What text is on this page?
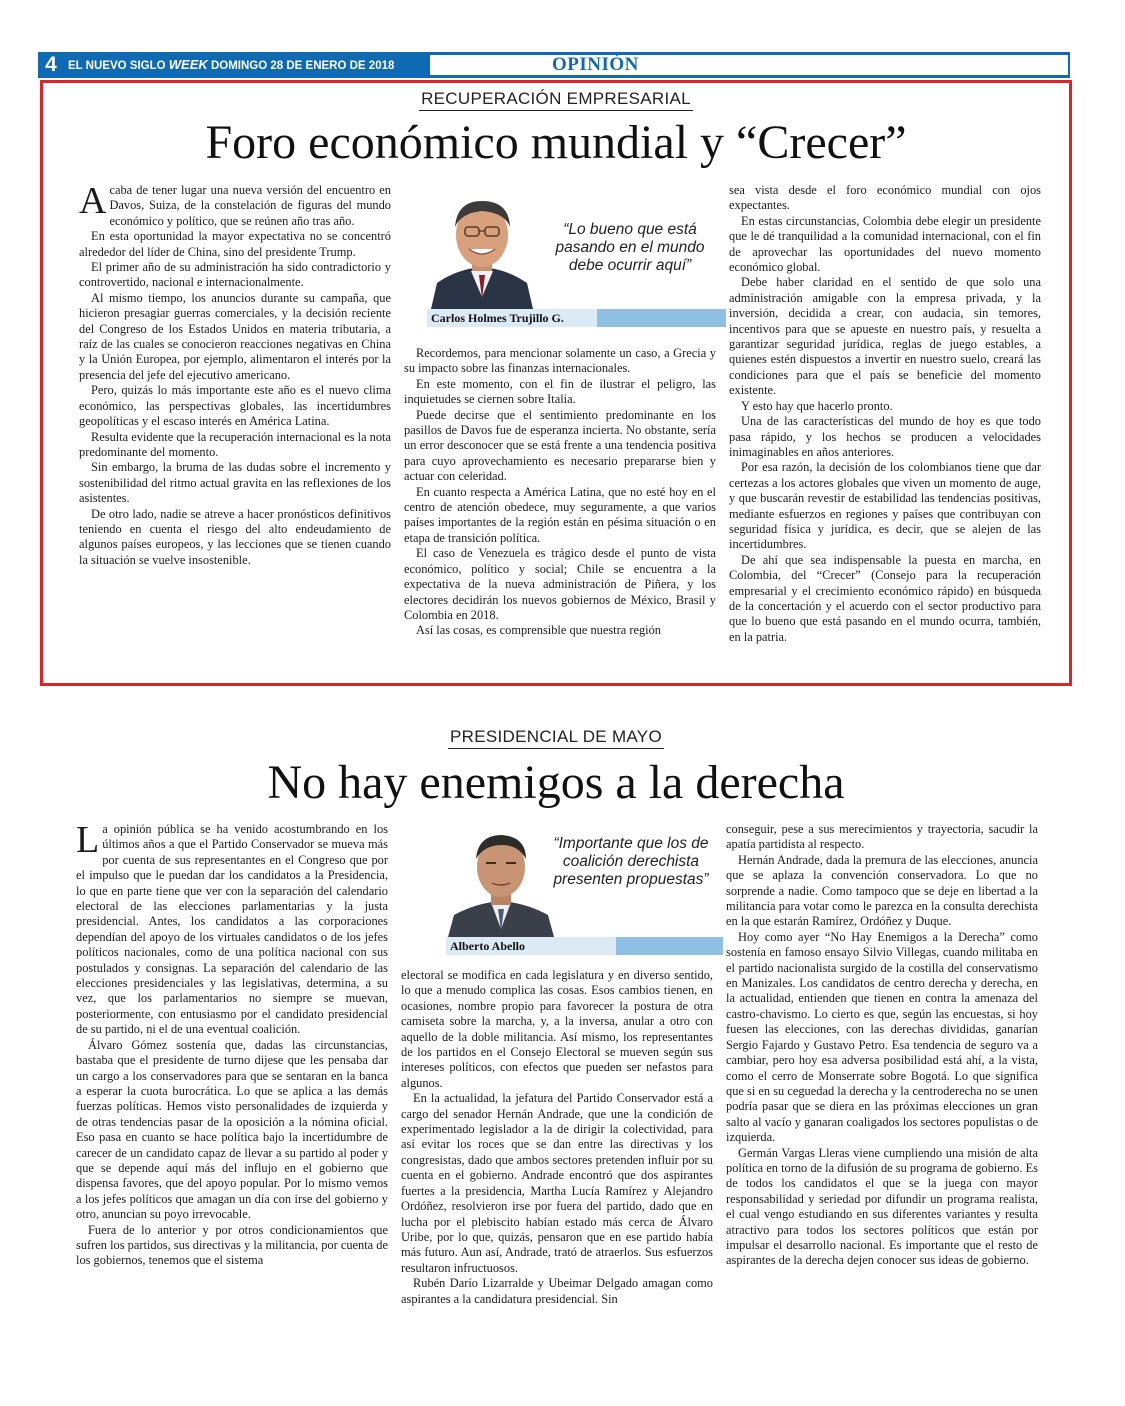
4 EL NUEVO SIGLO WEEK DOMINGO 28 DE ENERO DE 2018	OPINIÓN
RECUPERACIÓN EMPRESARIAL
Foro económico mundial y “Crecer”

Acaba de tener lugar una nueva versión del encuentro en Davos, Suiza, de la constelación de figuras del mundo económico y político, que se reúnen año tras año.

En esta oportunidad la mayor expectativa no se concentró alrededor del líder de China, sino del presidente Trump.

El primer año de su administración ha sido contradictorio y controvertido, nacional e internacionalmente.

Al mismo tiempo, los anuncios durante su campaña, que hicieron presagiar guerras comerciales, y la decisión reciente del Congreso de los Estados Unidos en materia tributaria, a raíz de las cuales se conocieron reacciones negativas en China y la Unión Europea, por ejemplo, alimentaron el interés por la presencia del jefe del ejecutivo americano.

Pero, quizás lo más importante este año es el nuevo clima económico, las perspectivas globales, las incertidumbres geopolíticas y el escaso interés en América Latina.

Resulta evidente que la recuperación internacional es la nota predominante del momento.

Sin embargo, la bruma de las dudas sobre el incremento y sostenibilidad del ritmo actual gravita en las reflexiones de los asistentes.

De otro lado, nadie se atreve a hacer pronósticos definitivos teniendo en cuenta el riesgo del alto endeudamiento de algunos países europeos, y las lecciones que se tienen cuando la situación se vuelve insostenible.

“Lo bueno que está pasando en el mundo debe ocurrir aquí”
Carlos Holmes Trujillo G.

Recordemos, para mencionar solamente un caso, a Grecia y su impacto sobre las finanzas internacionales.

En este momento, con el fin de ilustrar el peligro, las inquietudes se ciernen sobre Italia.

Puede decirse que el sentimiento predominante en los pasillos de Davos fue de esperanza incierta. No obstante, sería un error desconocer que se está frente a una tendencia positiva para cuyo aprovechamiento es necesario prepararse bien y actuar con celeridad.

En cuanto respecta a América Latina, que no esté hoy en el centro de atención obedece, muy seguramente, a que varios países importantes de la región están en pésima situación o en etapa de transición política.

El caso de Venezuela es trágico desde el punto de vista económico, político y social; Chile se encuentra a la expectativa de la nueva administración de Piñera, y los electores decidirán los nuevos gobiernos de México, Brasil y Colombia en 2018.

Así las cosas, es comprensible que nuestra región

sea vista desde el foro económico mundial con ojos expectantes.

En estas circunstancias, Colombia debe elegir un presidente que le dé tranquilidad a la comunidad internacional, con el fin de aprovechar las oportunidades del nuevo momento económico global.

Debe haber claridad en el sentido de que solo una administración amigable con la empresa privada, y la inversión, decidida a crear, con audacia, sin temores, incentivos para que se apueste en nuestro país, y resuelta a garantizar seguridad jurídica, reglas de juego estables, a quienes estén dispuestos a invertir en nuestro suelo, creará las condiciones para que el país se beneficie del momento existente.

Y esto hay que hacerlo pronto.

Una de las características del mundo de hoy es que todo pasa rápido, y los hechos se producen a velocidades inimaginables en años anteriores.

Por esa razón, la decisión de los colombianos tiene que dar certezas a los actores globales que viven un momento de auge, y que buscarán revestir de estabilidad las tendencias positivas, mediante esfuerzos en regiones y países que contribuyan con seguridad física y jurídica, es decir, que se alejen de las incertidumbres.

De ahí que sea indispensable la puesta en marcha, en Colombia, del “Crecer” (Consejo para la recuperación empresarial y el crecimiento económico rápido) en búsqueda de la concertación y el acuerdo con el sector productivo para que lo bueno que está pasando en el mundo ocurra, también, en la patria.

PRESIDENCIAL DE MAYO
No hay enemigos a la derecha

La opinión pública se ha venido acostumbrando en los últimos años a que el Partido Conservador se mueva más por cuenta de sus representantes en el Congreso que por el impulso que le puedan dar los candidatos a la Presidencia, lo que en parte tiene que ver con la separación del calendario electoral de las elecciones parlamentarias y la justa presidencial. Antes, los candidatos a las corporaciones dependían del apoyo de los virtuales candidatos o de los jefes políticos nacionales, como de una política nacional con sus postulados y consignas. La separación del calendario de las elecciones presidenciales y las legislativas, determina, a su vez, que los parlamentarios no siempre se muevan, posteriormente, con entusiasmo por el candidato presidencial de su partido, ni el de una eventual coalición.

Álvaro Gómez sostenía que, dadas las circunstancias, bastaba que el presidente de turno dijese que les pensaba dar un cargo a los conservadores para que se sentaran en la banca a esperar la cuota burocrática. Lo que se aplica a las demás fuerzas políticas. Hemos visto personalidades de izquierda y de otras tendencias pasar de la oposición a la nómina oficial. Eso pasa en cuanto se hace política bajo la incertidumbre de carecer de un candidato capaz de llevar a su partido al poder y que se depende aquí más del influjo en el gobierno que dispensa favores, que del apoyo popular. Por lo mismo vemos a los jefes políticos que amagan un día con irse del gobierno y otro, anuncian su poyo irrevocable.

Fuera de lo anterior y por otros condicionamientos que sufren los partidos, sus directivas y la militancia, por cuenta de los gobiernos, tenemos que el sistema

“Importante que los de coalición derechista presenten propuestas”
Alberto Abello

electoral se modifica en cada legislatura y en diverso sentido, lo que a menudo complica las cosas. Esos cambios tienen, en ocasiones, nombre propio para favorecer la postura de otra camiseta sobre la marcha, y, a la inversa, anular a otro con aquello de la doble militancia. Así mismo, los representantes de los partidos en el Consejo Electoral se mueven según sus intereses políticos, con efectos que pueden ser nefastos para algunos.

En la actualidad, la jefatura del Partido Conservador está a cargo del senador Hernán Andrade, que une la condición de experimentado legislador a la de dirigir la colectividad, para así evitar los roces que se dan entre las directivas y los congresistas, dado que ambos sectores pretenden influir por su cuenta en el gobierno. Andrade encontró que dos aspirantes fuertes a la presidencia, Martha Lucía Ramírez y Alejandro Ordóñez, resolvieron irse por fuera del partido, dado que en lucha por el plebiscito habían estado más cerca de Álvaro Uribe, por lo que, quizás, pensaron que en ese partido había más futuro. Aun así, Andrade, trató de atraerlos. Sus esfuerzos resultaron infructuosos.

Rubén Darío Lizarralde y Ubeimar Delgado amagan como aspirantes a la candidatura presidencial. Sin

conseguir, pese a sus merecimientos y trayectoria, sacudir la apatía partidista al respecto.

Hernán Andrade, dada la premura de las elecciones, anuncia que se aplaza la convención conservadora. Lo que no sorprende a nadie. Como tampoco que se deje en libertad a la militancia para votar como le parezca en la consulta derechista en la que estarán Ramírez, Ordóñez y Duque.

Hoy como ayer “No Hay Enemigos a la Derecha” como sostenía en famoso ensayo Silvio Villegas, cuando militaba en el partido nacionalista surgido de la costilla del conservatismo en Manizales. Los candidatos de centro derecha y derecha, en la actualidad, entienden que tienen en contra la amenaza del castro-chavismo. Lo cierto es que, según las encuestas, si hoy fuesen las elecciones, con las derechas divididas, ganarían Sergio Fajardo y Gustavo Petro. Esa tendencia de seguro va a cambiar, pero hoy esa adversa posibilidad está ahí, a la vista, como el cerro de Monserrate sobre Bogotá. Lo que significa que si en su ceguedad la derecha y la centroderecha no se unen podría pasar que se diera en las próximas elecciones un gran salto al vacío y ganaran coaligados los sectores populistas o de izquierda.

Germán Vargas Lleras viene cumpliendo una misión de alta política en torno de la difusión de su programa de gobierno. Es de todos los candidatos el que se la juega con mayor responsabilidad y seriedad por difundir un programa realista, el cual vengo estudiando en sus diferentes variantes y resulta atractivo para todos los sectores políticos que están por impulsar el desarrollo nacional. Es importante que el resto de aspirantes de la derecha dejen conocer sus ideas de gobierno.
